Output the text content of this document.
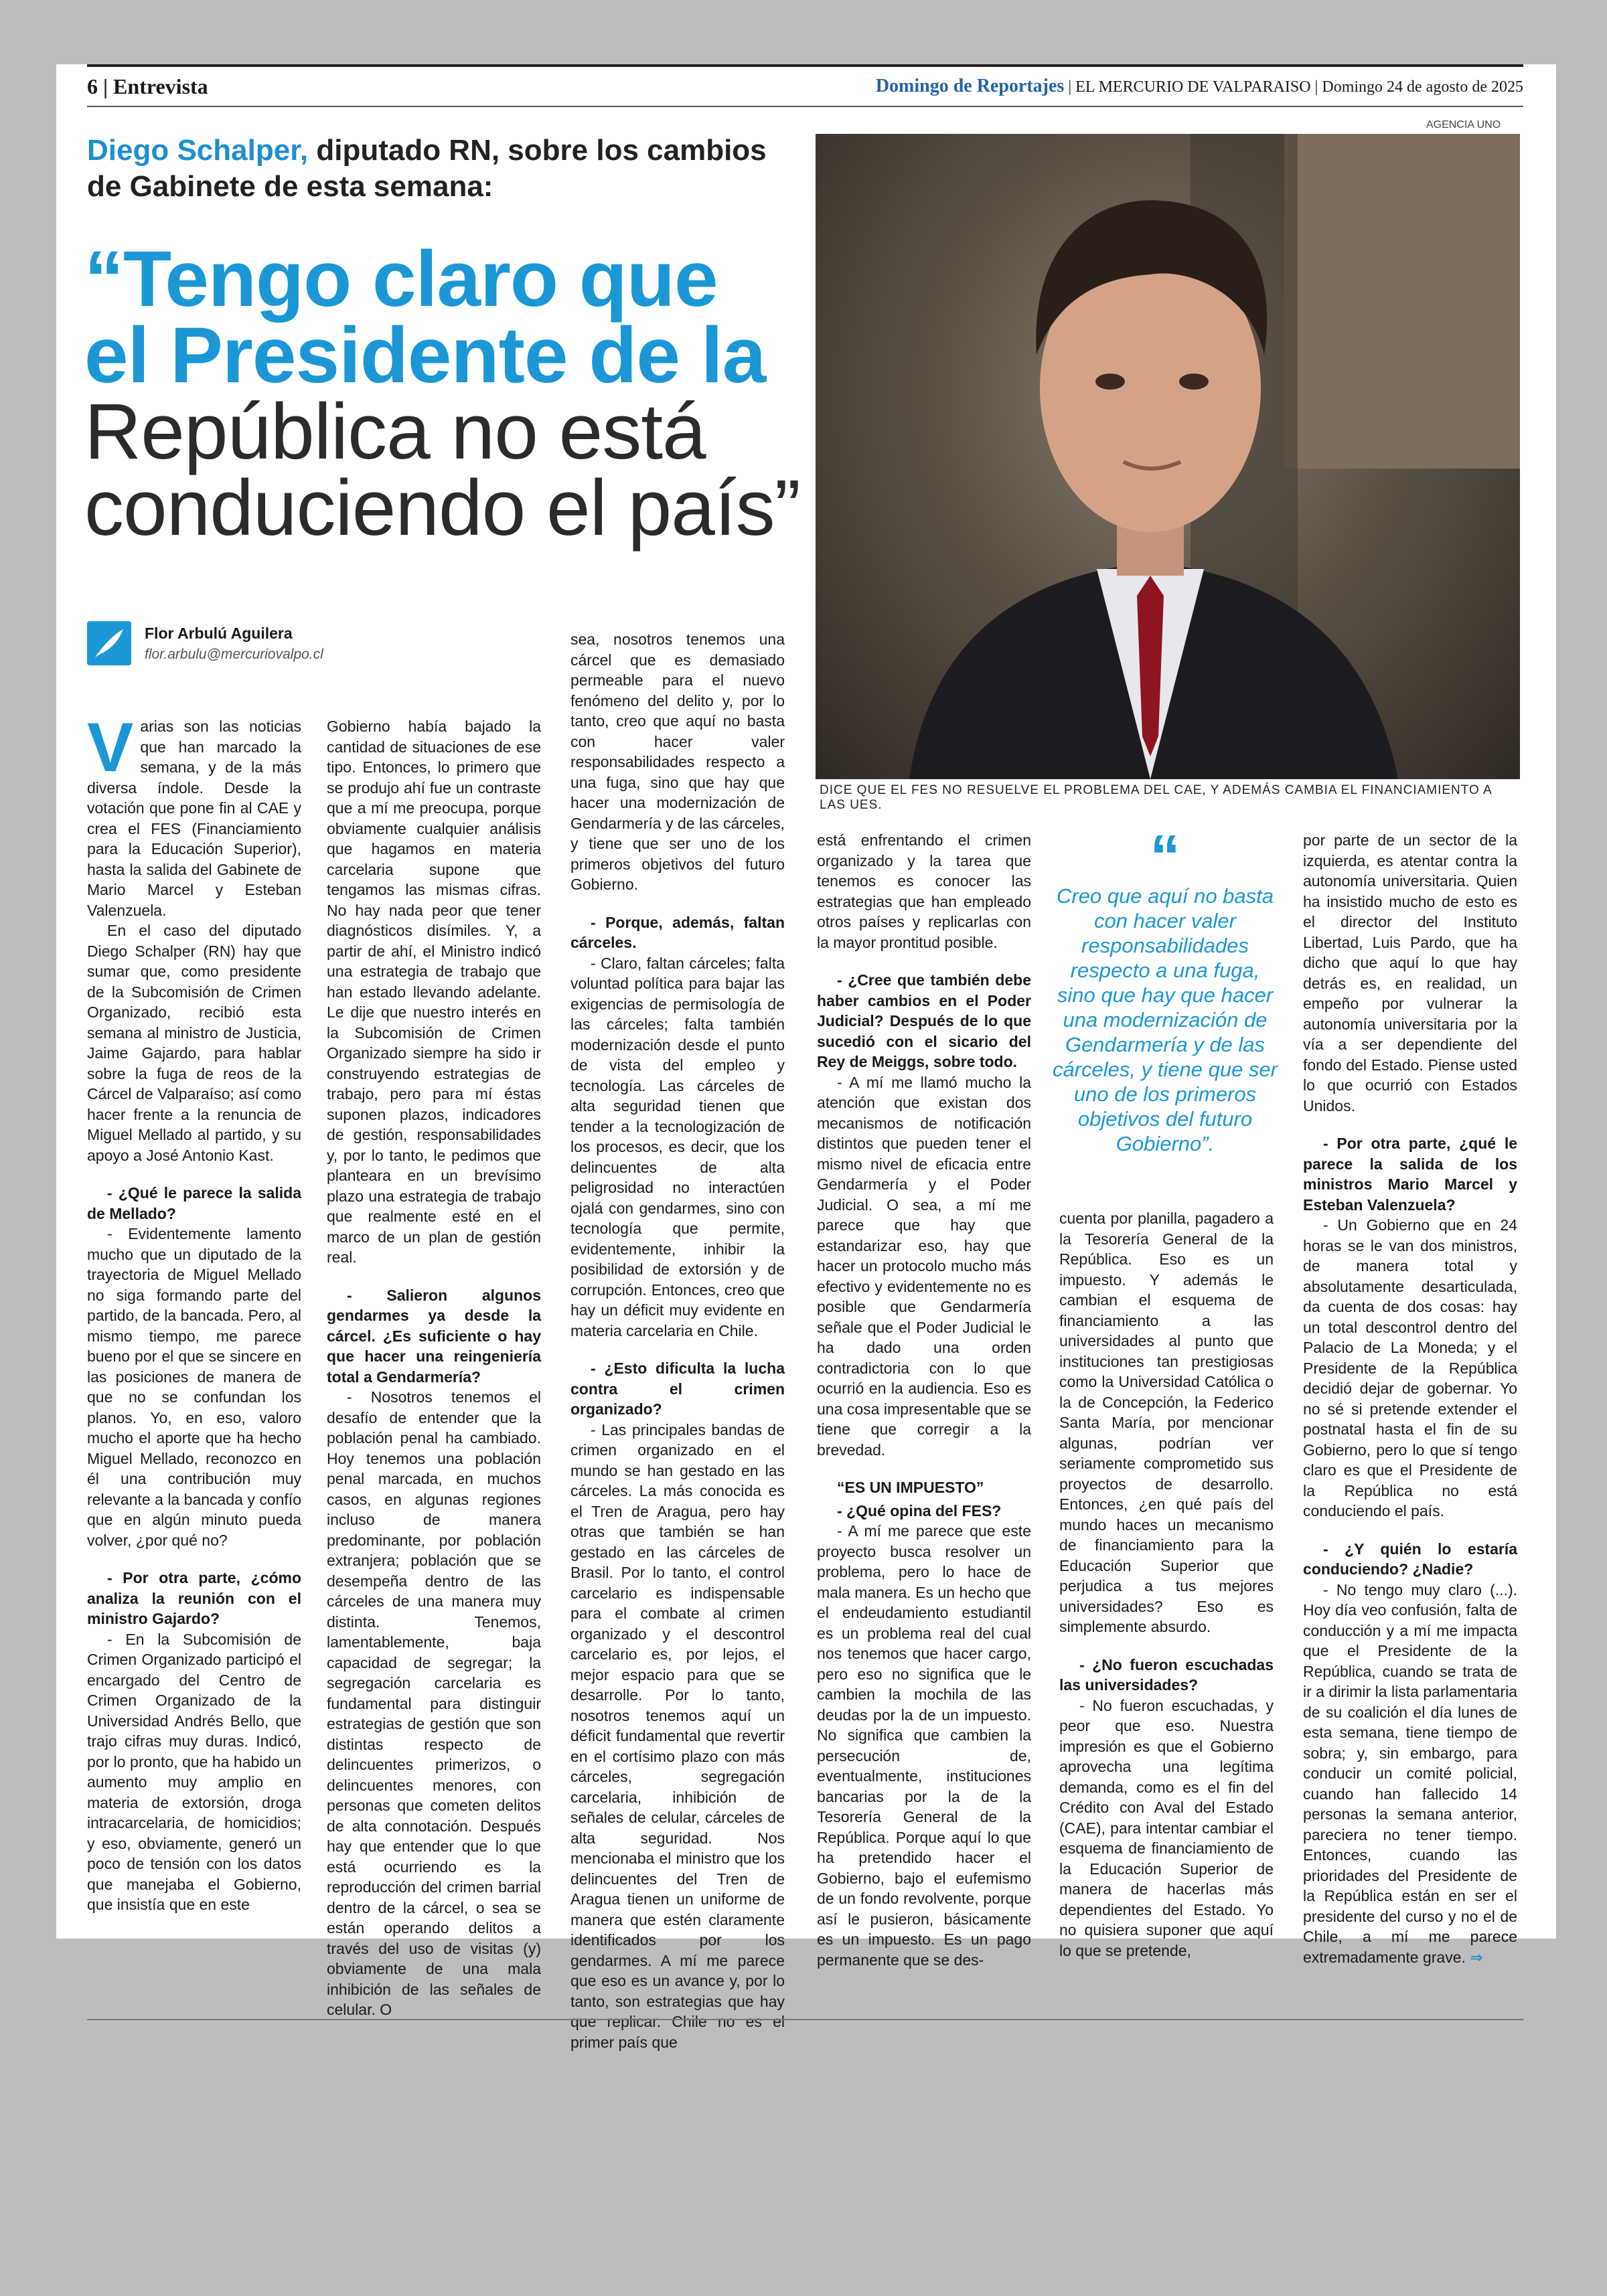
6 | Entrevista	Domingo de Reportajes | EL MERCURIO DE VALPARAISO | Domingo 24 de agosto de 2025
Diego Schalper, diputado RN, sobre los cambios de Gabinete de esta semana:
“Tengo claro que
el Presidente de la
República no está
conduciendo el país”
Flor Arbulú Aguilera
flor.arbulu@mercuriovalpo.cl
AGENCIA UNO
DICE QUE EL FES NO RESUELVE EL PROBLEMA DEL CAE, Y ADEMÁS CAMBIA EL FINANCIAMIENTO A LAS UES.

Varias son las noticias que han marcado la semana, y de la más diversa índole. Desde la votación que pone fin al CAE y crea el FES (Financiamiento para la Educación Superior), hasta la salida del Gabinete de Mario Marcel y Esteban Valenzuela.

En el caso del diputado Diego Schalper (RN) hay que sumar que, como presidente de la Subcomisión de Crimen Organizado, recibió esta semana al ministro de Justicia, Jaime Gajardo, para hablar sobre la fuga de reos de la Cárcel de Valparaíso; así como hacer frente a la renuncia de Miguel Mellado al partido, y su apoyo a José Antonio Kast.

- ¿Qué le parece la salida de Mellado?

- Evidentemente lamento mucho que un diputado de la trayectoria de Miguel Mellado no siga formando parte del partido, de la bancada. Pero, al mismo tiempo, me parece bueno por el que se sincere en las posiciones de manera de que no se confundan los planos. Yo, en eso, valoro mucho el aporte que ha hecho Miguel Mellado, reconozco en él una contribución muy relevante a la bancada y confío que en algún minuto pueda volver, ¿por qué no?

- Por otra parte, ¿cómo analiza la reunión con el ministro Gajardo?

- En la Subcomisión de Crimen Organizado participó el encargado del Centro de Crimen Organizado de la Universidad Andrés Bello, que trajo cifras muy duras. Indicó, por lo pronto, que ha habido un aumento muy amplio en materia de extorsión, droga intracarcelaria, de homicidios; y eso, obviamente, generó un poco de tensión con los datos que manejaba el Gobierno, que insistía que en este

Gobierno había bajado la cantidad de situaciones de ese tipo. Entonces, lo primero que se produjo ahí fue un contraste que a mí me preocupa, porque obviamente cualquier análisis que hagamos en materia carcelaria supone que tengamos las mismas cifras. No hay nada peor que tener diagnósticos disímiles. Y, a partir de ahí, el Ministro indicó una estrategia de trabajo que han estado llevando adelante. Le dije que nuestro interés en la Subcomisión de Crimen Organizado siempre ha sido ir construyendo estrategias de trabajo, pero para mí éstas suponen plazos, indicadores de gestión, responsabilidades y, por lo tanto, le pedimos que planteara en un brevísimo plazo una estrategia de trabajo que realmente esté en el marco de un plan de gestión real.

- Salieron algunos gendarmes ya desde la cárcel. ¿Es suficiente o hay que hacer una reingeniería total a Gendarmería?

- Nosotros tenemos el desafío de entender que la población penal ha cambiado. Hoy tenemos una población penal marcada, en muchos casos, en algunas regiones incluso de manera predominante, por población extranjera; población que se desempeña dentro de las cárceles de una manera muy distinta. Tenemos, lamentablemente, baja capacidad de segregar; la segregación carcelaria es fundamental para distinguir estrategias de gestión que son distintas respecto de delincuentes primerizos, o delincuentes menores, con personas que cometen delitos de alta connotación. Después hay que entender que lo que está ocurriendo es la reproducción del crimen barrial dentro de la cárcel, o sea se están operando delitos a través del uso de visitas (y) obviamente de una mala inhibición de las señales de celular. O

sea, nosotros tenemos una cárcel que es demasiado permeable para el nuevo fenómeno del delito y, por lo tanto, creo que aquí no basta con hacer valer responsabilidades respecto a una fuga, sino que hay que hacer una modernización de Gendarmería y de las cárceles, y tiene que ser uno de los primeros objetivos del futuro Gobierno.

- Porque, además, faltan cárceles.

- Claro, faltan cárceles; falta voluntad política para bajar las exigencias de permisología de las cárceles; falta también modernización desde el punto de vista del empleo y tecnología. Las cárceles de alta seguridad tienen que tender a la tecnologización de los procesos, es decir, que los delincuentes de alta peligrosidad no interactúen ojalá con gendarmes, sino con tecnología que permite, evidentemente, inhibir la posibilidad de extorsión y de corrupción. Entonces, creo que hay un déficit muy evidente en materia carcelaria en Chile.

- ¿Esto dificulta la lucha contra el crimen organizado?

- Las principales bandas de crimen organizado en el mundo se han gestado en las cárceles. La más conocida es el Tren de Aragua, pero hay otras que también se han gestado en las cárceles de Brasil. Por lo tanto, el control carcelario es indispensable para el combate al crimen organizado y el descontrol carcelario es, por lejos, el mejor espacio para que se desarrolle. Por lo tanto, nosotros tenemos aquí un déficit fundamental que revertir en el cortísimo plazo con más cárceles, segregación carcelaria, inhibición de señales de celular, cárceles de alta seguridad. Nos mencionaba el ministro que los delincuentes del Tren de Aragua tienen un uniforme de manera que estén claramente identificados por los gendarmes. A mí me parece que eso es un avance y, por lo tanto, son estrategias que hay que replicar. Chile no es el primer país que

está enfrentando el crimen organizado y la tarea que tenemos es conocer las estrategias que han empleado otros países y replicarlas con la mayor prontitud posible.

- ¿Cree que también debe haber cambios en el Poder Judicial? Después de lo que sucedió con el sicario del Rey de Meiggs, sobre todo.

- A mí me llamó mucho la atención que existan dos mecanismos de notificación distintos que pueden tener el mismo nivel de eficacia entre Gendarmería y el Poder Judicial. O sea, a mí me parece que hay que estandarizar eso, hay que hacer un protocolo mucho más efectivo y evidentemente no es posible que Gendarmería señale que el Poder Judicial le ha dado una orden contradictoria con lo que ocurrió en la audiencia. Eso es una cosa impresentable que se tiene que corregir a la brevedad.

“ES UN IMPUESTO”

- ¿Qué opina del FES?

- A mí me parece que este proyecto busca resolver un problema, pero lo hace de mala manera. Es un hecho que el endeudamiento estudiantil es un problema real del cual nos tenemos que hacer cargo, pero eso no significa que le cambien la mochila de las deudas por la de un impuesto. No significa que cambien la persecución de, eventualmente, instituciones bancarias por la de la Tesorería General de la República. Porque aquí lo que ha pretendido hacer el Gobierno, bajo el eufemismo de un fondo revolvente, porque así le pusieron, básicamente es un impuesto. Es un pago permanente que se des-

“
Creo que aquí no basta con hacer valer responsabilidades respecto a una fuga, sino que hay que hacer una modernización de Gendarmería y de las cárceles, y tiene que ser uno de los primeros objetivos del futuro Gobierno”.

cuenta por planilla, pagadero a la Tesorería General de la República. Eso es un impuesto. Y además le cambian el esquema de financiamiento a las universidades al punto que instituciones tan prestigiosas como la Universidad Católica o la de Concepción, la Federico Santa María, por mencionar algunas, podrían ver seriamente comprometido sus proyectos de desarrollo. Entonces, ¿en qué país del mundo haces un mecanismo de financiamiento para la Educación Superior que perjudica a tus mejores universidades? Eso es simplemente absurdo.

- ¿No fueron escuchadas las universidades?

- No fueron escuchadas, y peor que eso. Nuestra impresión es que el Gobierno aprovecha una legítima demanda, como es el fin del Crédito con Aval del Estado (CAE), para intentar cambiar el esquema de financiamiento de la Educación Superior de manera de hacerlas más dependientes del Estado. Yo no quisiera suponer que aquí lo que se pretende,

por parte de un sector de la izquierda, es atentar contra la autonomía universitaria. Quien ha insistido mucho de esto es el director del Instituto Libertad, Luis Pardo, que ha dicho que aquí lo que hay detrás es, en realidad, un empeño por vulnerar la autonomía universitaria por la vía a ser dependiente del fondo del Estado. Piense usted lo que ocurrió con Estados Unidos.

- Por otra parte, ¿qué le parece la salida de los ministros Mario Marcel y Esteban Valenzuela?

- Un Gobierno que en 24 horas se le van dos ministros, de manera total y absolutamente desarticulada, da cuenta de dos cosas: hay un total descontrol dentro del Palacio de La Moneda; y el Presidente de la República decidió dejar de gobernar. Yo no sé si pretende extender el postnatal hasta el fin de su Gobierno, pero lo que sí tengo claro es que el Presidente de la República no está conduciendo el país.

- ¿Y quién lo estaría conduciendo? ¿Nadie?

- No tengo muy claro (...). Hoy día veo confusión, falta de conducción y a mí me impacta que el Presidente de la República, cuando se trata de ir a dirimir la lista parlamentaria de su coalición el día lunes de esta semana, tiene tiempo de sobra; y, sin embargo, para conducir un comité policial, cuando han fallecido 14 personas la semana anterior, pareciera no tener tiempo. Entonces, cuando las prioridades del Presidente de la República están en ser el presidente del curso y no el de Chile, a mí me parece extremadamente grave. ⇒
